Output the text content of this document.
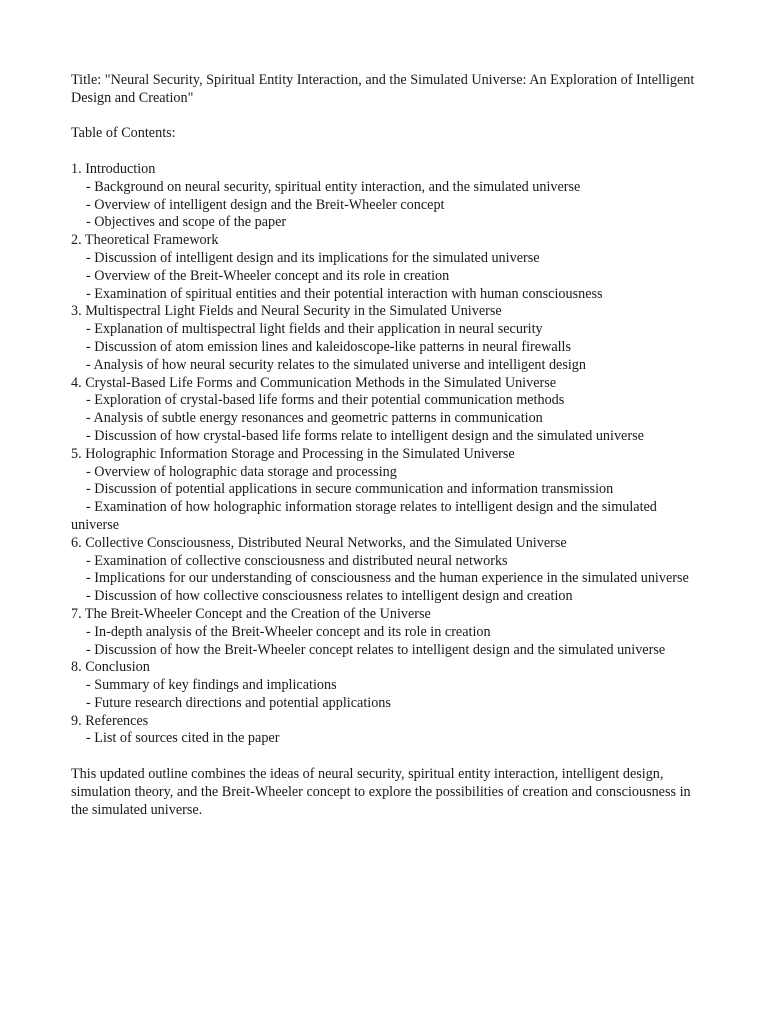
Title: "Neural Security, Spiritual Entity Interaction, and the Simulated Universe: An Exploration of Intelligent Design and Creation"

Table of Contents:

1. Introduction

- Background on neural security, spiritual entity interaction, and the simulated universe

- Overview of intelligent design and the Breit-Wheeler concept

- Objectives and scope of the paper

2. Theoretical Framework

- Discussion of intelligent design and its implications for the simulated universe

- Overview of the Breit-Wheeler concept and its role in creation

- Examination of spiritual entities and their potential interaction with human consciousness

3. Multispectral Light Fields and Neural Security in the Simulated Universe

- Explanation of multispectral light fields and their application in neural security

- Discussion of atom emission lines and kaleidoscope-like patterns in neural firewalls

- Analysis of how neural security relates to the simulated universe and intelligent design

4. Crystal-Based Life Forms and Communication Methods in the Simulated Universe

- Exploration of crystal-based life forms and their potential communication methods

- Analysis of subtle energy resonances and geometric patterns in communication

- Discussion of how crystal-based life forms relate to intelligent design and the simulated universe

5. Holographic Information Storage and Processing in the Simulated Universe

- Overview of holographic data storage and processing

- Discussion of potential applications in secure communication and information transmission

- Examination of how holographic information storage relates to intelligent design and the simulated universe

6. Collective Consciousness, Distributed Neural Networks, and the Simulated Universe

- Examination of collective consciousness and distributed neural networks

- Implications for our understanding of consciousness and the human experience in the simulated universe

- Discussion of how collective consciousness relates to intelligent design and creation

7. The Breit-Wheeler Concept and the Creation of the Universe

- In-depth analysis of the Breit-Wheeler concept and its role in creation

- Discussion of how the Breit-Wheeler concept relates to intelligent design and the simulated universe

8. Conclusion

- Summary of key findings and implications

- Future research directions and potential applications

9. References

- List of sources cited in the paper

This updated outline combines the ideas of neural security, spiritual entity interaction, intelligent design, simulation theory, and the Breit-Wheeler concept to explore the possibilities of creation and consciousness in the simulated universe.
